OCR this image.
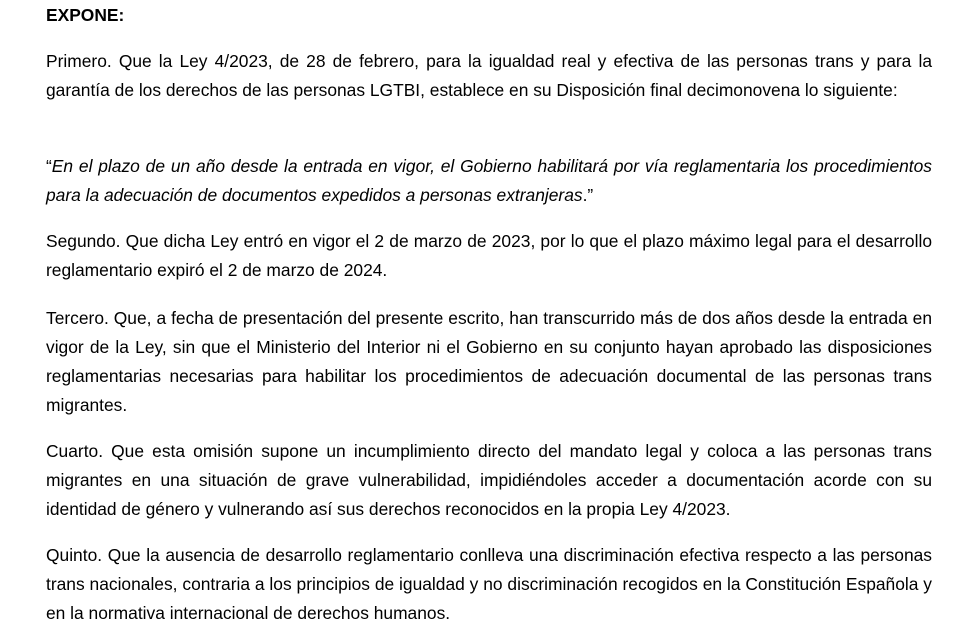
EXPONE:

Primero. Que la Ley 4/2023, de 28 de febrero, para la igualdad real y efectiva de las personas trans y para la garantía de los derechos de las personas LGTBI, establece en su Disposición final decimonovena lo siguiente:

“En el plazo de un año desde la entrada en vigor, el Gobierno habilitará por vía reglamentaria los procedimientos para la adecuación de documentos expedidos a personas extranjeras.”

Segundo. Que dicha Ley entró en vigor el 2 de marzo de 2023, por lo que el plazo máximo legal para el desarrollo reglamentario expiró el 2 de marzo de 2024.

Tercero. Que, a fecha de presentación del presente escrito, han transcurrido más de dos años desde la entrada en vigor de la Ley, sin que el Ministerio del Interior ni el Gobierno en su conjunto hayan aprobado las disposiciones reglamentarias necesarias para habilitar los procedimientos de adecuación documental de las personas trans migrantes.

Cuarto. Que esta omisión supone un incumplimiento directo del mandato legal y coloca a las personas trans migrantes en una situación de grave vulnerabilidad, impidiéndoles acceder a documentación acorde con su identidad de género y vulnerando así sus derechos reconocidos en la propia Ley 4/2023.

Quinto. Que la ausencia de desarrollo reglamentario conlleva una discriminación efectiva respecto a las personas trans nacionales, contraria a los principios de igualdad y no discriminación recogidos en la Constitución Española y en la normativa internacional de derechos humanos.
